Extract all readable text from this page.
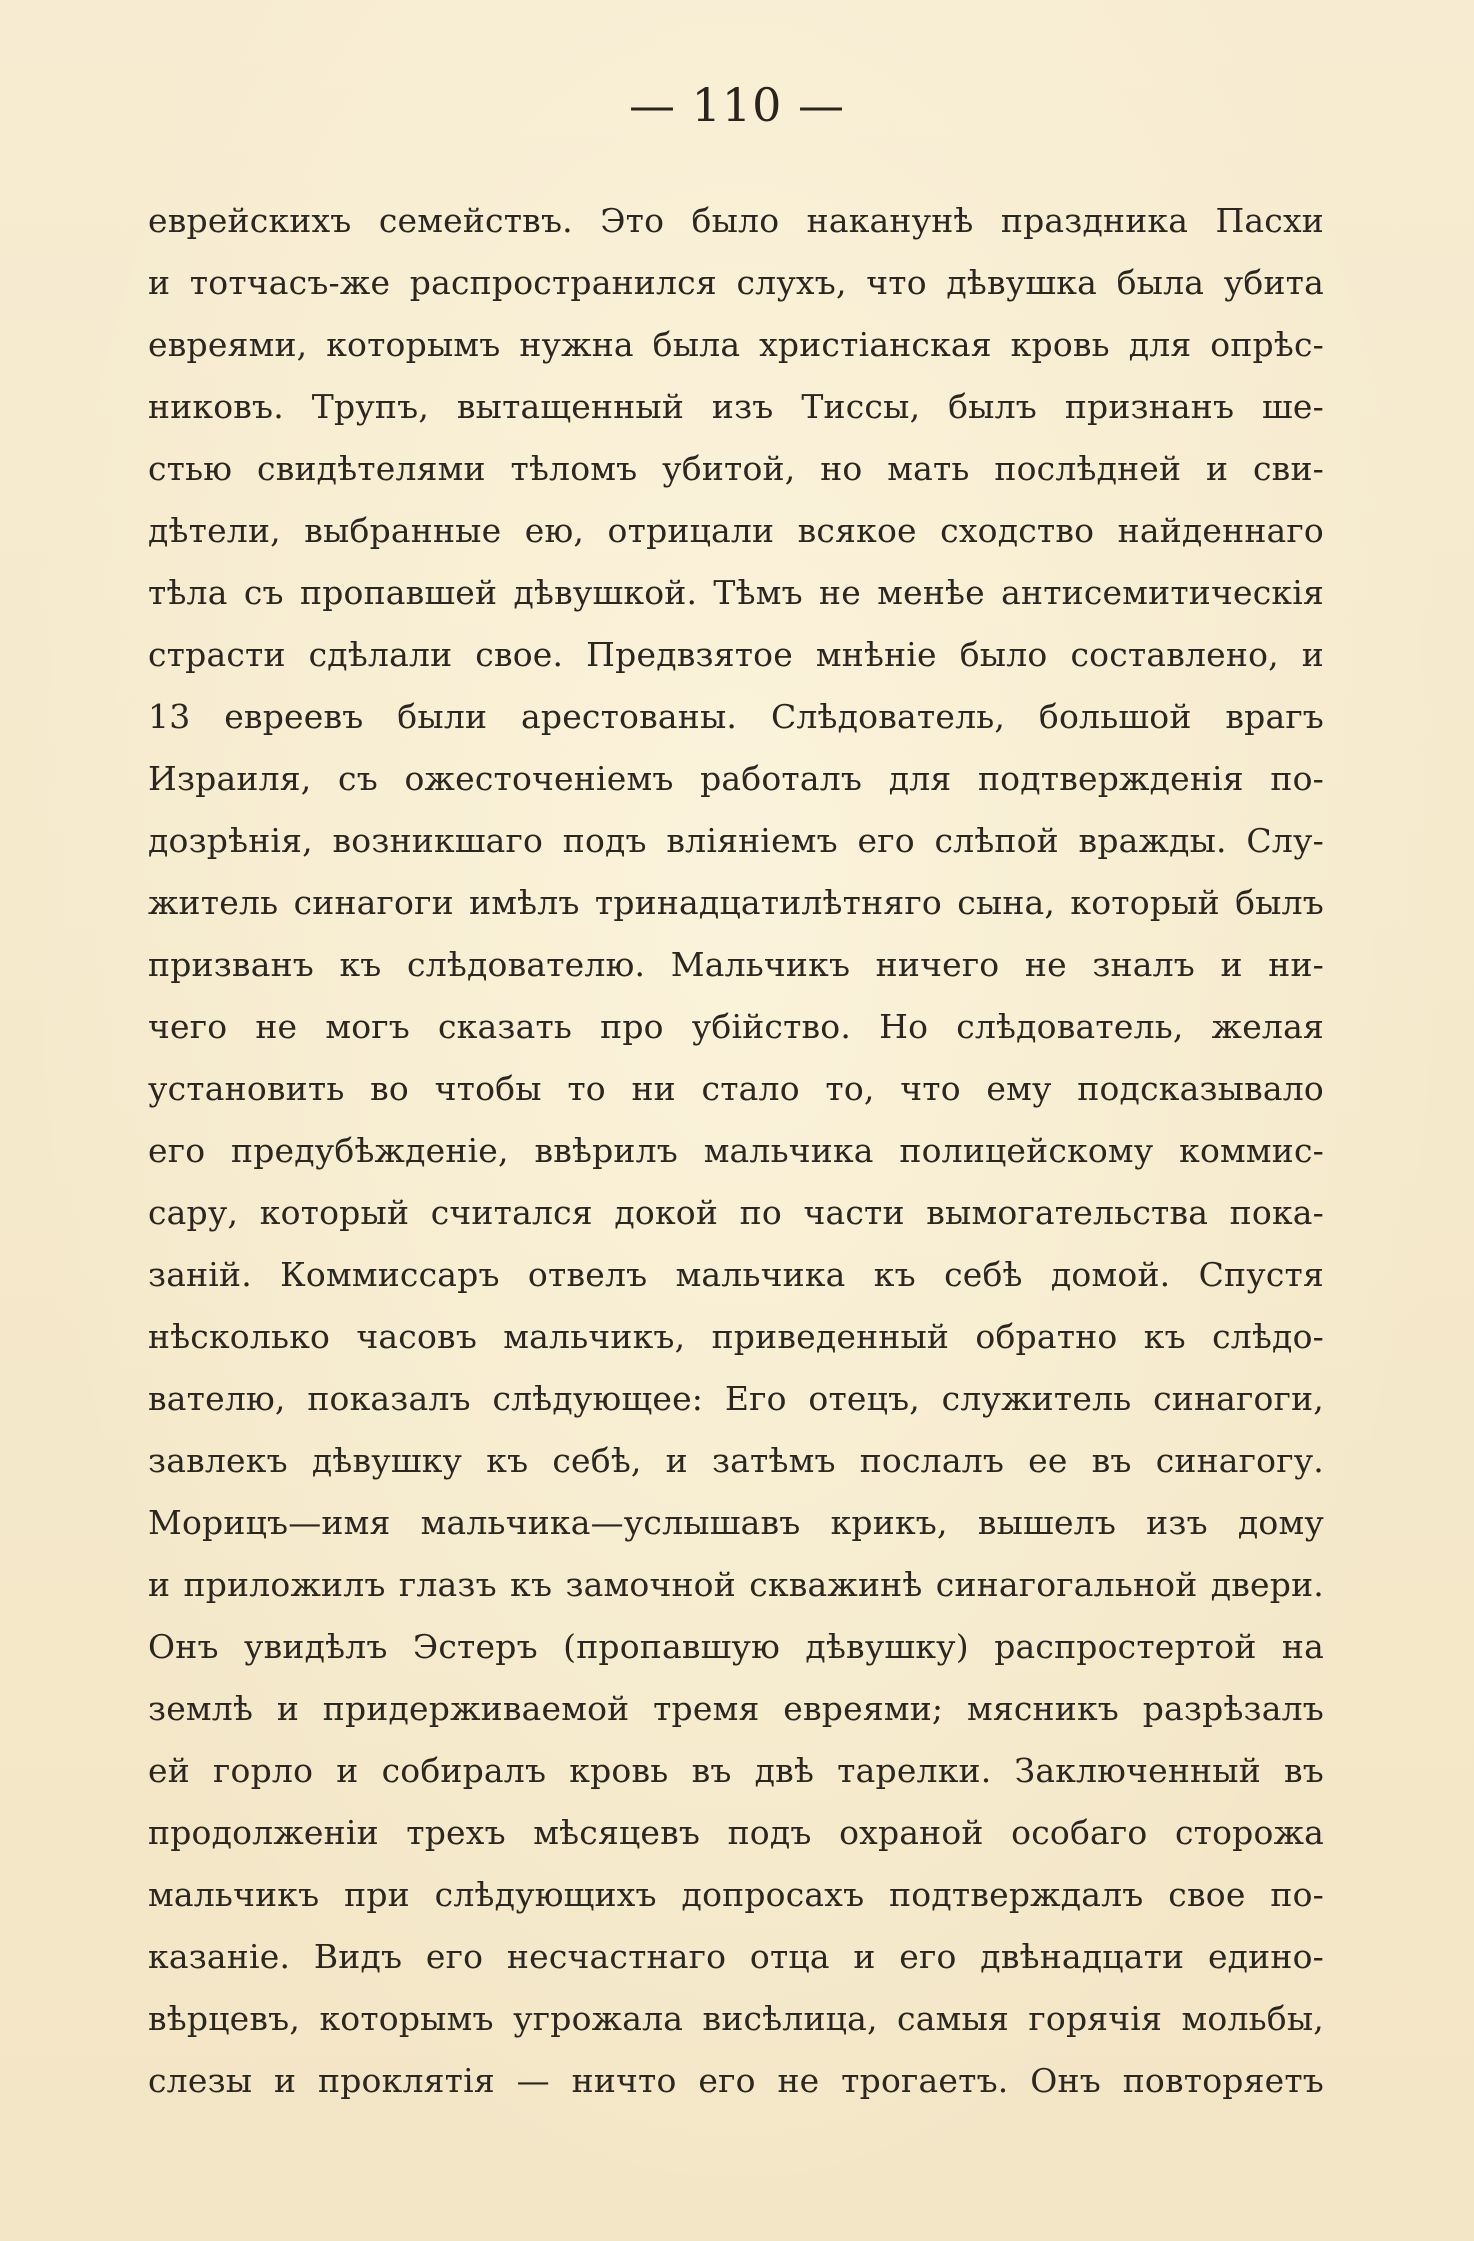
— 110 —
еврейскихъ семействъ. Это было наканунѣ праздника Пасхи
и тотчасъ-же распространился слухъ, что дѣвушка была убита
евреями, которымъ нужна была христіанская кровь для опрѣс-
никовъ. Трупъ, вытащенный изъ Тиссы, былъ признанъ ше-
стью свидѣтелями тѣломъ убитой, но мать послѣдней и сви-
дѣтели, выбранные ею, отрицали всякое сходство найденнаго
тѣла съ пропавшей дѣвушкой. Тѣмъ не менѣе антисемитическія
страсти сдѣлали свое. Предвзятое мнѣніе было составлено, и
13 евреевъ были арестованы. Слѣдователь, большой врагъ
Израиля, съ ожесточеніемъ работалъ для подтвержденія по-
дозрѣнія, возникшаго подъ вліяніемъ его слѣпой вражды. Слу-
житель синагоги имѣлъ тринадцатилѣтняго сына, который былъ
призванъ къ слѣдователю. Мальчикъ ничего не зналъ и ни-
чего не могъ сказать про убійство. Но слѣдователь, желая
установить во чтобы то ни стало то, что ему подсказывало
его предубѣжденіе, ввѣрилъ мальчика полицейскому коммис-
сару, который считался докой по части вымогательства пока-
заній. Коммиссаръ отвелъ мальчика къ себѣ домой. Спустя
нѣсколько часовъ мальчикъ, приведенный обратно къ слѣдо-
вателю, показалъ слѣдующее: Его отецъ, служитель синагоги,
завлекъ дѣвушку къ себѣ, и затѣмъ послалъ ее въ синагогу.
Морицъ—имя мальчика—услышавъ крикъ, вышелъ изъ дому
и приложилъ глазъ къ замочной скважинѣ синагогальной двери.
Онъ увидѣлъ Эстеръ (пропавшую дѣвушку) распростертой на
землѣ и придерживаемой тремя евреями; мясникъ разрѣзалъ
ей горло и собиралъ кровь въ двѣ тарелки. Заключенный въ
продолженіи трехъ мѣсяцевъ подъ охраной особаго сторожа
мальчикъ при слѣдующихъ допросахъ подтверждалъ свое по-
казаніе. Видъ его несчастнаго отца и его двѣнадцати едино-
вѣрцевъ, которымъ угрожала висѣлица, самыя горячія мольбы,
слезы и проклятія — ничто его не трогаетъ. Онъ повторяетъ
